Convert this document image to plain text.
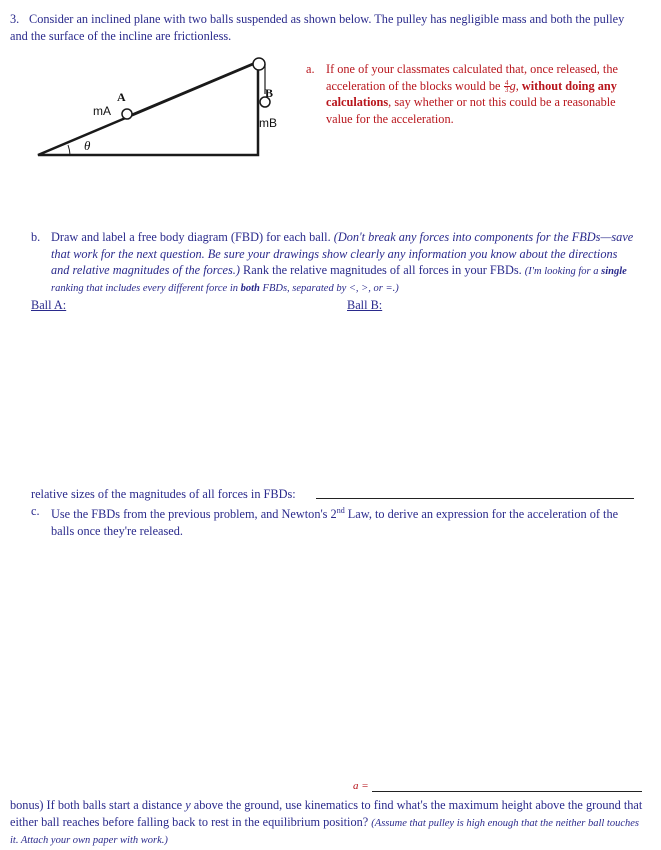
3. Consider an inclined plane with two balls suspended as shown below. The pulley has negligible mass and both the pulley and the surface of the incline are frictionless.
A
mA
B
mB
θ
a. If one of your classmates calculated that, once released, the acceleration of the blocks would be $\frac{4}{3} g$, without doing any calculations, say whether or not this could be a reasonable value for the acceleration.
b. Draw and label a free body diagram (FBD) for each ball. (Don't break any forces into components for the FBDs—save that work for the next question. Be sure your drawings show clearly any information you know about the directions and relative magnitudes of the forces.) Rank the relative magnitudes of all forces in your FBDs. (I'm looking for a single ranking that includes every different force in both FBDs, separated by <, >, or =.)
Ball A:	Ball B:
relative sizes of the magnitudes of all forces in FBDs:
c. Use the FBDs from the previous problem, and Newton's 2nd Law, to derive an expression for the acceleration of the balls once they're released.
a =
bonus) If both balls start a distance y above the ground, use kinematics to find what's the maximum height above the ground that either ball reaches before falling back to rest in the equilibrium position? (Assume that pulley is high enough that the neither ball touches it. Attach your own paper with work.)
